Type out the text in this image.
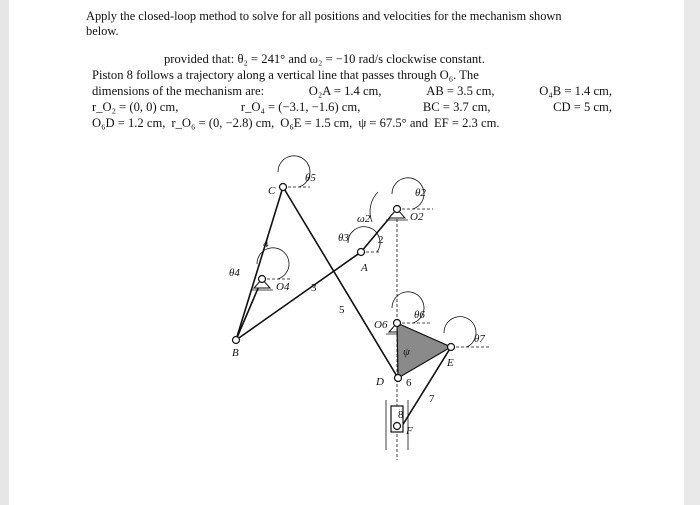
Apply the closed-loop method to solve for all positions and velocities for the mechanism shown
below.
provided that: θ₂ = 241° and ω₂ = −10 rad/s clockwise constant.
Piston 8 follows a trajectory along a vertical line that passes through O₆. The
dimensions of the mechanism are:	O₂A = 1.4 cm,	AB = 3.5 cm,	O₄B = 1.4 cm,
r_O₂ = (0, 0) cm,	r_O₄ = (−3.1, −1.6) cm,	BC = 3.7 cm,	CD = 5 cm,
O₆D = 1.2 cm, r_O₆ = (0, −2.8) cm, O₆E = 1.5 cm, ψ = 67.5° and EF = 2.3 cm.
C
θ5
θ2
O2
ω2
θ3	2
A
4
θ4
O4 3
5
O6
θ6
θ7
ψ
E
B
D 6
7
8
F
